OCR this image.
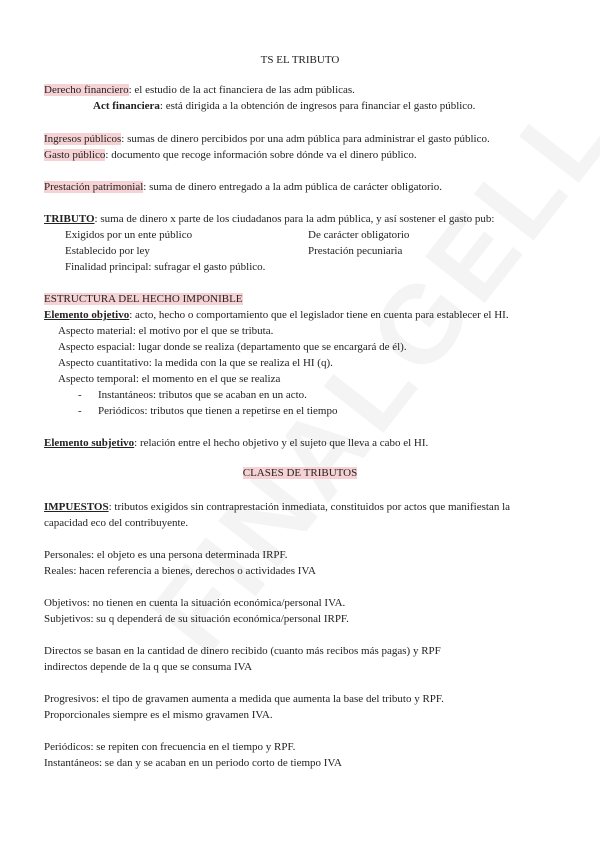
TS EL TRIBUTO
Derecho financiero: el estudio de la act financiera de las adm públicas.
Act financiera: está dirigida a la obtención de ingresos para financiar el gasto público.
Ingresos públicos: sumas de dinero percibidos por una adm pública para administrar el gasto público.
Gasto público: documento que recoge información sobre dónde va el dinero público.
Prestación patrimonial: suma de dinero entregado a la adm pública de carácter obligatorio.
TRIBUTO: suma de dinero x parte de los ciudadanos para la adm pública, y así sostener el gasto pub:
Exigidos por un ente público	De carácter obligatorio
Establecido por ley	Prestación pecuniaria
Finalidad principal: sufragar el gasto público.
ESTRUCTURA DEL HECHO IMPONIBLE
Elemento objetivo: acto, hecho o comportamiento que el legislador tiene en cuenta para establecer el HI.
Aspecto material: el motivo por el que se tributa.
Aspecto espacial: lugar donde se realiza (departamento que se encargará de él).
Aspecto cuantitativo: la medida con la que se realiza el HI (q).
Aspecto temporal: el momento en el que se realiza
- Instantáneos: tributos que se acaban en un acto.
- Periódicos: tributos que tienen a repetirse en el tiempo
Elemento subjetivo: relación entre el hecho objetivo y el sujeto que lleva a cabo el HI.
CLASES DE TRIBUTOS
IMPUESTOS: tributos exigidos sin contraprestación inmediata, constituidos por actos que manifiestan la
capacidad eco del contribuyente.
Personales: el objeto es una persona determinada IRPF.
Reales: hacen referencia a bienes, derechos o actividades IVA
Objetivos: no tienen en cuenta la situación económica/personal IVA.
Subjetivos: su q dependerá de su situación económica/personal IRPF.
Directos se basan en la cantidad de dinero recibido (cuanto más recibos más pagas) y RPF
indirectos depende de la q que se consuma IVA
Progresivos: el tipo de gravamen aumenta a medida que aumenta la base del tributo y RPF.
Proporcionales siempre es el mismo gravamen IVA.
Periódicos: se repiten con frecuencia en el tiempo y RPF.
Instantáneos: se dan y se acaban en un periodo corto de tiempo IVA
